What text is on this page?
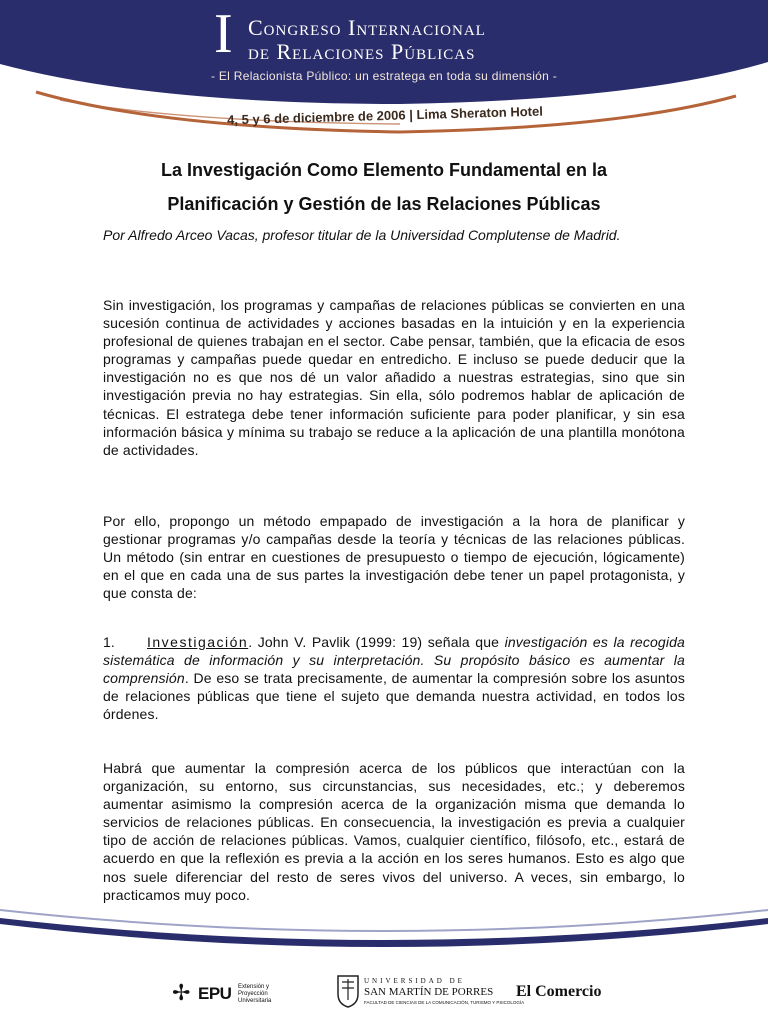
I Congreso Internacional
de Relaciones Públicas
- El Relacionista Público: un estratega en toda su dimensión -
4, 5 y 6 de diciembre de 2006 | Lima Sheraton Hotel
La Investigación Como Elemento Fundamental en la
Planificación y Gestión de las Relaciones Públicas

Por Alfredo Arceo Vacas, profesor titular de la Universidad Complutense de Madrid.

Sin investigación, los programas y campañas de relaciones públicas se convierten en una sucesión continua de actividades y acciones basadas en la intuición y en la experiencia profesional de quienes trabajan en el sector. Cabe pensar, también, que la eficacia de esos programas y campañas puede quedar en entredicho. E incluso se puede deducir que la investigación no es que nos dé un valor añadido a nuestras estrategias, sino que sin investigación previa no hay estrategias. Sin ella, sólo podremos hablar de aplicación de técnicas. El estratega debe tener información suficiente para poder planificar, y sin esa información básica y mínima su trabajo se reduce a la aplicación de una plantilla monótona de actividades.

Por ello, propongo un método empapado de investigación a la hora de planificar y gestionar programas y/o campañas desde la teoría y técnicas de las relaciones públicas. Un método (sin entrar en cuestiones de presupuesto o tiempo de ejecución, lógicamente) en el que en cada una de sus partes la investigación debe tener un papel protagonista, y que consta de:

1. Investigación. John V. Pavlik (1999: 19) señala que investigación es la recogida sistemática de información y su interpretación. Su propósito básico es aumentar la comprensión. De eso se trata precisamente, de aumentar la compresión sobre los asuntos de relaciones públicas que tiene el sujeto que demanda nuestra actividad, en todos los órdenes.

Habrá que aumentar la compresión acerca de los públicos que interactúan con la organización, su entorno, sus circunstancias, sus necesidades, etc.; y deberemos aumentar asimismo la compresión acerca de la organización misma que demanda lo servicios de relaciones públicas. En consecuencia, la investigación es previa a cualquier tipo de acción de relaciones públicas. Vamos, cualquier científico, filósofo, etc., estará de acuerdo en que la reflexión es previa a la acción en los seres humanos. Esto es algo que nos suele diferenciar del resto de seres vivos del universo. A veces, sin embargo, lo practicamos muy poco.

✢ EPU Extensión y Proyección Universitaria
UNIVERSIDAD DE
SAN MARTÍN DE PORRES
FACULTAD DE CIENCIAS DE LA COMUNICACIÓN, TURISMO Y PSICOLOGÍA
El Comercio
